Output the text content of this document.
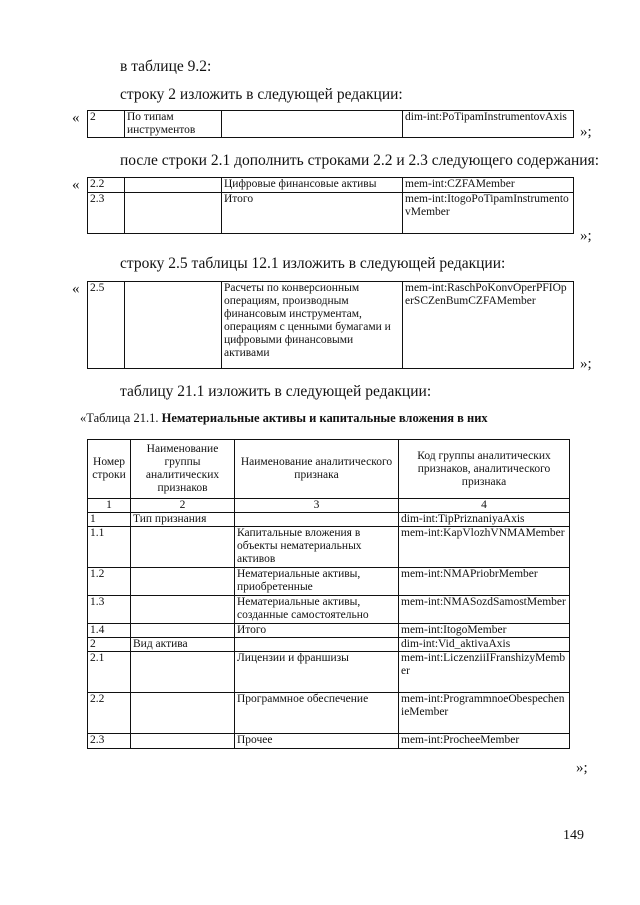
в таблице 9.2:
строку 2 изложить в следующей редакции:
« 2	По типам инструментов		dim-int:PoTipamInstrumentovAxis
»;
после строки 2.1 дополнить строками 2.2 и 2.3 следующего содержания:
« 2.2		Цифровые финансовые активы	mem-int:CZFAMember
2.3		Итого	mem-int:ItogoPoTipamInstrumentovMember
»;
строку 2.5 таблицы 12.1 изложить в следующей редакции:
« 2.5		Расчеты по конверсионным операциям, производным финансовым инструментам, операциям с ценными бумагами и цифровыми финансовыми активами	mem-int:RaschPoKonvOperPFIOperSCZenBumCZFAMember
»;
таблицу 21.1 изложить в следующей редакции:
«Таблица 21.1. Нематериальные активы и капитальные вложения в них
Номер строки	Наименование группы аналитических признаков	Наименование аналитического признака	Код группы аналитических признаков, аналитического признака
1	2	3	4
1	Тип признания		dim-int:TipPriznaniyaAxis
1.1		Капитальные вложения в объекты нематериальных активов	mem-int:KapVlozhVNMAMember
1.2		Нематериальные активы, приобретенные	mem-int:NMAPriobrMember
1.3		Нематериальные активы, созданные самостоятельно	mem-int:NMASozdSamostMember
1.4		Итого	mem-int:ItogoMember
2	Вид актива		dim-int:Vid_aktivaAxis
2.1		Лицензии и франшизы	mem-int:LiczenziiIFranshizyMember
2.2		Программное обеспечение	mem-int:ProgrammnoeObespecheniеMember
2.3		Прочее	mem-int:ProcheeMember
»;
149
